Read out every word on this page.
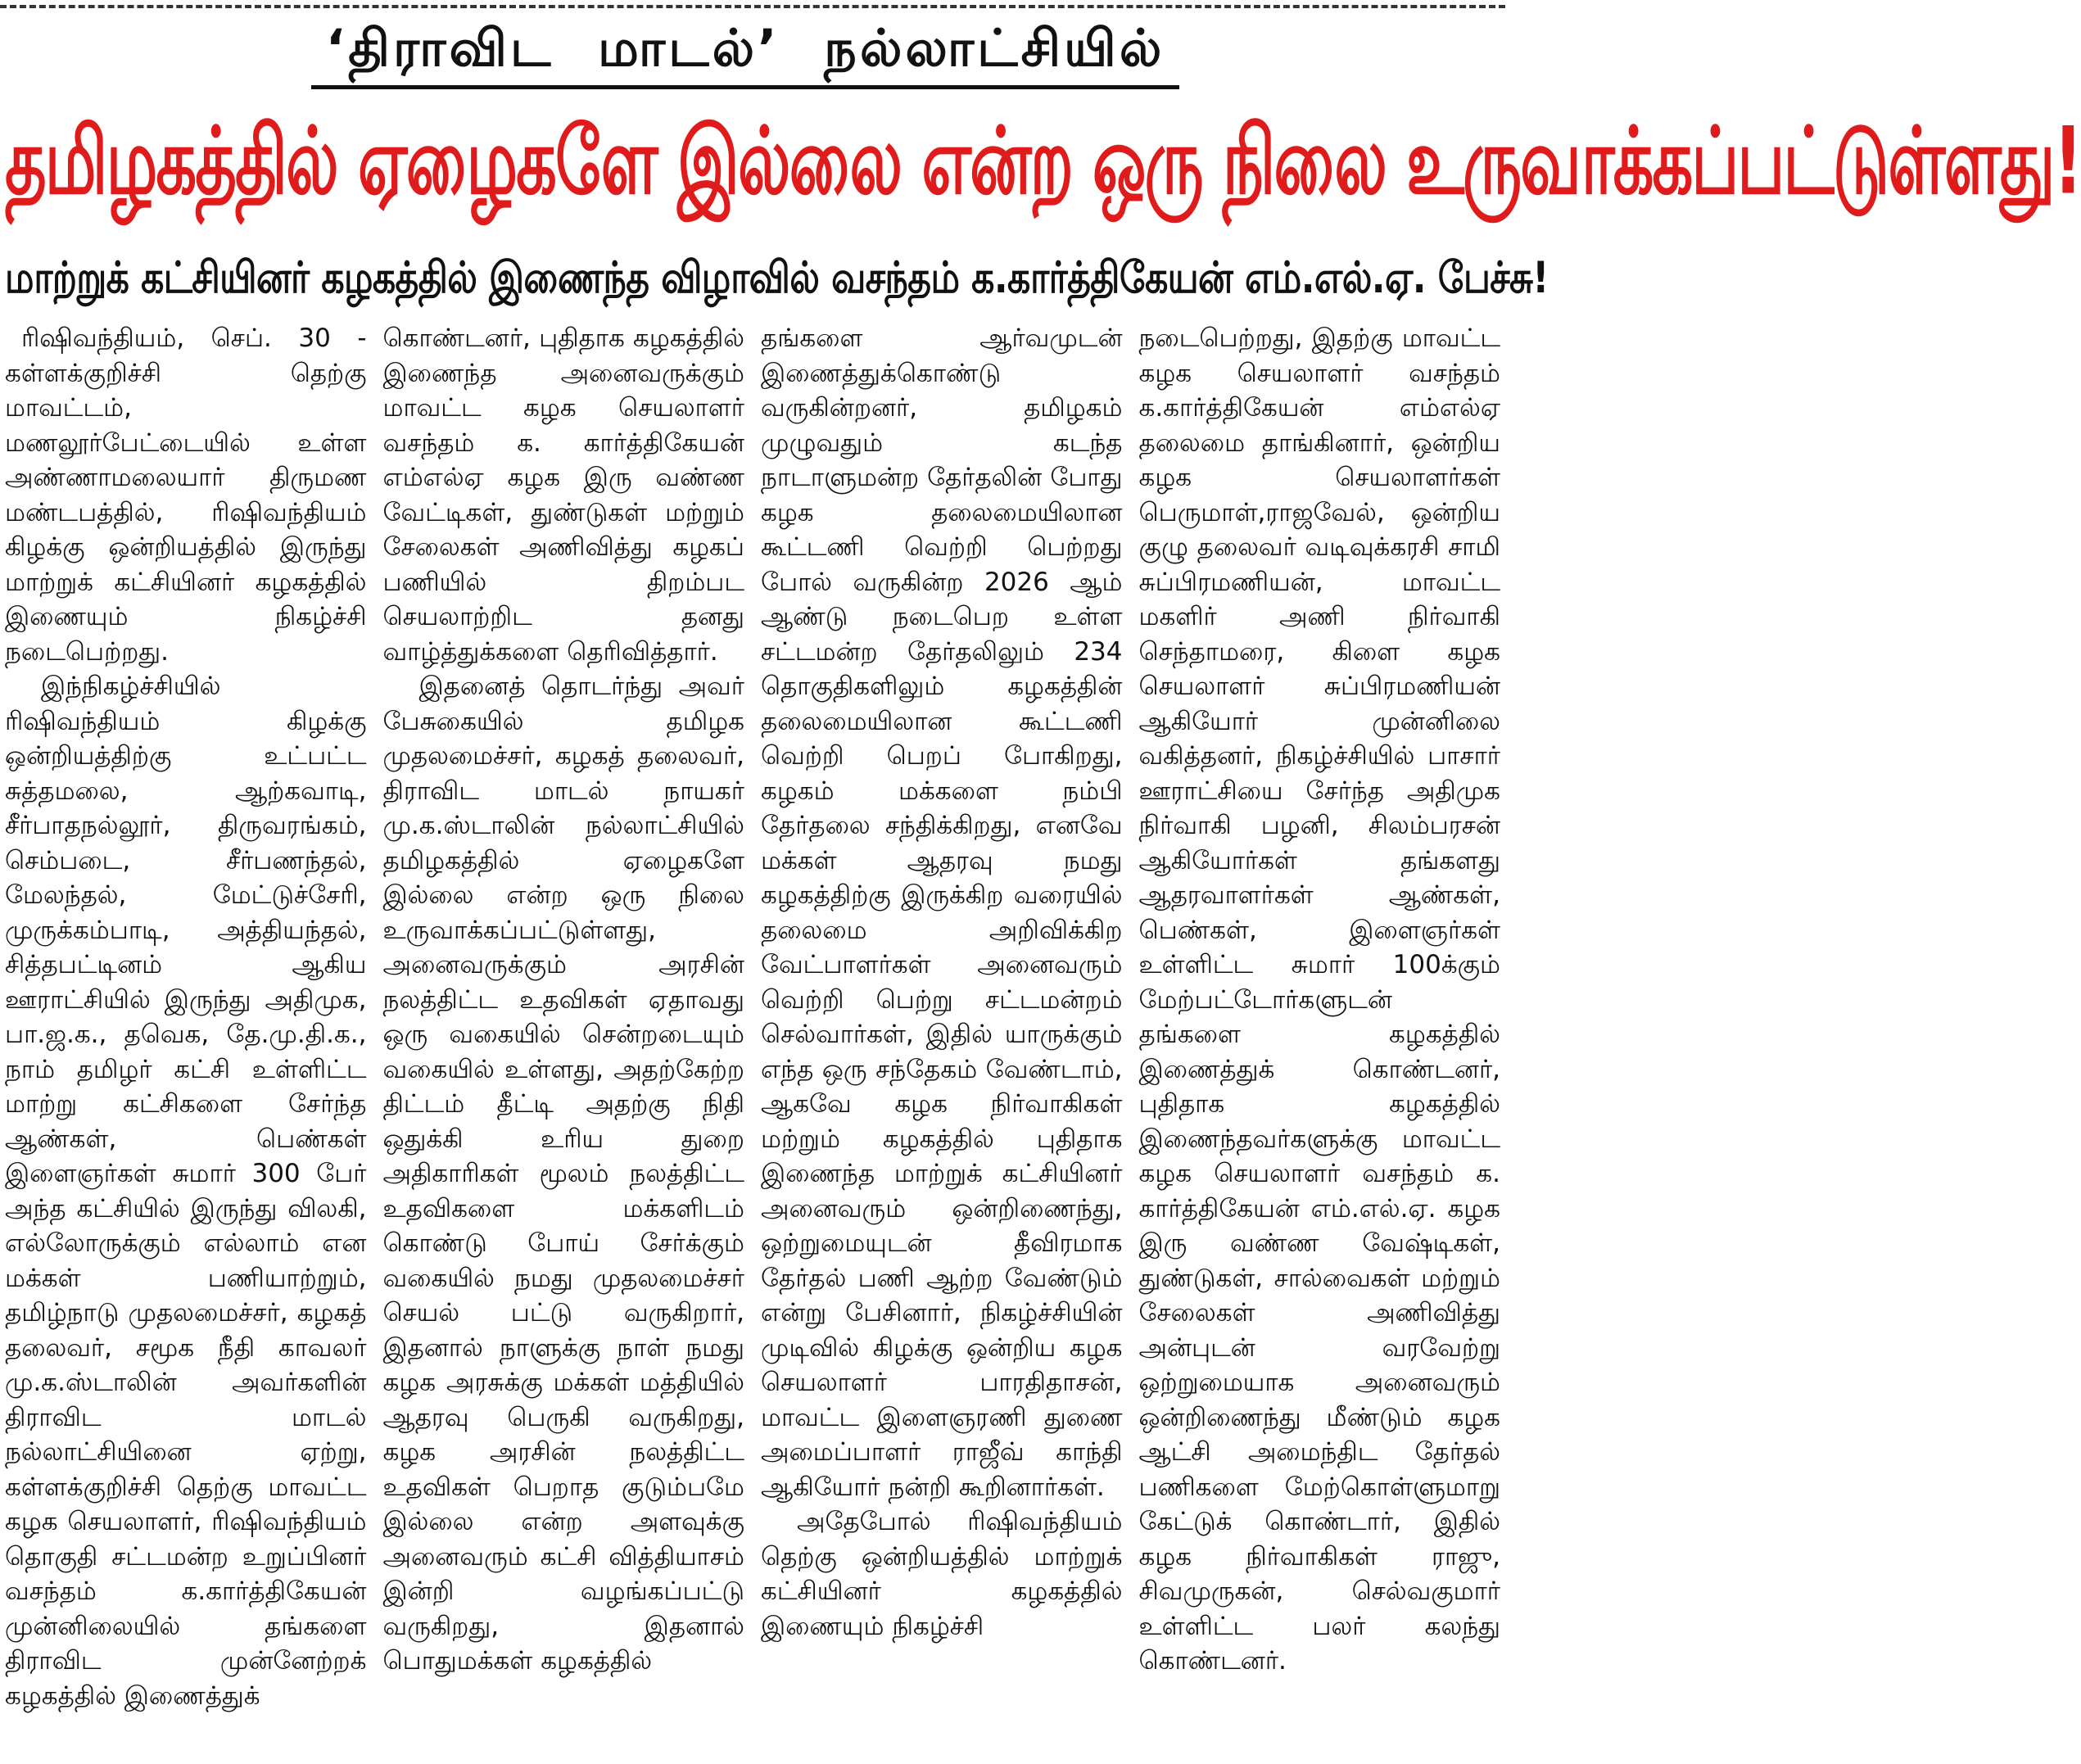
‘திராவிட மாடல்’ நல்லாட்சியில்
தமிழகத்தில் ஏழைகளே இல்லை என்ற ஒரு நிலை உருவாக்கப்பட்டுள்ளது!
மாற்றுக் கட்சியினர் கழகத்தில் இணைந்த விழாவில் வசந்தம் க.கார்த்திகேயன் எம்.எல்.ஏ. பேச்சு!

ரிஷிவந்தியம், செப். 30 - கள்ளக்குறிச்சி தெற்கு மாவட்டம், மணலூர்பேட்டையில் உள்ள அண்ணாமலையார் திருமண மண்டபத்தில், ரிஷிவந்தியம் கிழக்கு ஒன்றியத்தில் இருந்து மாற்றுக் கட்சியினர் கழகத்தில் இணையும் நிகழ்ச்சி நடைபெற்றது.

இந்நிகழ்ச்சியில் ரிஷிவந்தியம் கிழக்கு ஒன்றியத்திற்கு உட்பட்ட சுத்தமலை, ஆற்கவாடி, சீர்பாதநல்லூர், திருவரங்கம், செம்படை, சீர்பணந்தல், மேலந்தல், மேட்டுச்சேரி, முருக்கம்பாடி, அத்தியந்தல், சித்தபட்டினம் ஆகிய ஊராட்சியில் இருந்து அதிமுக, பா.ஜ.க., தவெக, தே.மு.தி.க., நாம் தமிழர் கட்சி உள்ளிட்ட மாற்று கட்சிகளை சேர்ந்த ஆண்கள், பெண்கள் இளைஞர்கள் சுமார் 300 பேர் அந்த கட்சியில் இருந்து விலகி, எல்லோருக்கும் எல்லாம் என மக்கள் பணியாற்றும், தமிழ்நாடு முதலமைச்சர், கழகத் தலைவர், சமூக நீதி காவலர் மு.க.ஸ்டாலின் அவர்களின் திராவிட மாடல் நல்லாட்சியினை ஏற்று, கள்ளக்குறிச்சி தெற்கு மாவட்ட கழக செயலாளர், ரிஷிவந்தியம் தொகுதி சட்டமன்ற உறுப்பினர் வசந்தம் க.கார்த்திகேயன் முன்னிலையில் தங்களை திராவிட முன்னேற்றக் கழகத்தில் இணைத்துக்

கொண்டனர், புதிதாக கழகத்தில் இணைந்த அனைவருக்கும் மாவட்ட கழக செயலாளர் வசந்தம் க. கார்த்திகேயன் எம்எல்ஏ கழக இரு வண்ண வேட்டிகள், துண்டுகள் மற்றும் சேலைகள் அணிவித்து கழகப் பணியில் திறம்பட செயலாற்றிட தனது வாழ்த்துக்களை தெரிவித்தார்.

இதனைத் தொடர்ந்து அவர் பேசுகையில் தமிழக முதலமைச்சர், கழகத் தலைவர், திராவிட மாடல் நாயகர் மு.க.ஸ்டாலின் நல்லாட்சியில் தமிழகத்தில் ஏழைகளே இல்லை என்ற ஒரு நிலை உருவாக்கப்பட்டுள்ளது, அனைவருக்கும் அரசின் நலத்திட்ட உதவிகள் ஏதாவது ஒரு வகையில் சென்றடையும் வகையில் உள்ளது, அதற்கேற்ற திட்டம் தீட்டி அதற்கு நிதி ஒதுக்கி உரிய துறை அதிகாரிகள் மூலம் நலத்திட்ட உதவிகளை மக்களிடம் கொண்டு போய் சேர்க்கும் வகையில் நமது முதலமைச்சர் செயல் பட்டு வருகிறார், இதனால் நாளுக்கு நாள் நமது கழக அரசுக்கு மக்கள் மத்தியில் ஆதரவு பெருகி வருகிறது, கழக அரசின் நலத்திட்ட உதவிகள் பெறாத குடும்பமே இல்லை என்ற அளவுக்கு அனைவரும் கட்சி வித்தியாசம் இன்றி வழங்கப்பட்டு வருகிறது, இதனால் பொதுமக்கள் கழகத்தில்

தங்களை ஆர்வமுடன் இணைத்துக்கொண்டு வருகின்றனர், தமிழகம் முழுவதும் கடந்த நாடாளுமன்ற தேர்தலின் போது கழக தலைமையிலான கூட்டணி வெற்றி பெற்றது போல் வருகின்ற 2026 ஆம் ஆண்டு நடைபெற உள்ள சட்டமன்ற தேர்தலிலும் 234 தொகுதிகளிலும் கழகத்தின் தலைமையிலான கூட்டணி வெற்றி பெறப் போகிறது, கழகம் மக்களை நம்பி தேர்தலை சந்திக்கிறது, எனவே மக்கள் ஆதரவு நமது கழகத்திற்கு இருக்கிற வரையில் தலைமை அறிவிக்கிற வேட்பாளர்கள் அனைவரும் வெற்றி பெற்று சட்டமன்றம் செல்வார்கள், இதில் யாருக்கும் எந்த ஒரு சந்தேகம் வேண்டாம், ஆகவே கழக நிர்வாகிகள் மற்றும் கழகத்தில் புதிதாக இணைந்த மாற்றுக் கட்சியினர் அனைவரும் ஒன்றிணைந்து, ஒற்றுமையுடன் தீவிரமாக தேர்தல் பணி ஆற்ற வேண்டும் என்று பேசினார், நிகழ்ச்சியின் முடிவில் கிழக்கு ஒன்றிய கழக செயலாளர் பாரதிதாசன், மாவட்ட இளைஞரணி துணை அமைப்பாளர் ராஜீவ் காந்தி ஆகியோர் நன்றி கூறினார்கள்.

அதேபோல் ரிஷிவந்தியம் தெற்கு ஒன்றியத்தில் மாற்றுக் கட்சியினர் கழகத்தில் இணையும் நிகழ்ச்சி

நடைபெற்றது, இதற்கு மாவட்ட கழக செயலாளர் வசந்தம் க.கார்த்திகேயன் எம்எல்ஏ தலைமை தாங்கினார், ஒன்றிய கழக செயலாளர்கள் பெருமாள்,ராஜவேல், ஒன்றிய குழு தலைவர் வடிவுக்கரசி சாமி சுப்பிரமணியன், மாவட்ட மகளிர் அணி நிர்வாகி செந்தாமரை, கிளை கழக செயலாளர் சுப்பிரமணியன் ஆகியோர் முன்னிலை வகித்தனர், நிகழ்ச்சியில் பாசார் ஊராட்சியை சேர்ந்த அதிமுக நிர்வாகி பழனி, சிலம்பரசன் ஆகியோர்கள் தங்களது ஆதரவாளர்கள் ஆண்கள், பெண்கள், இளைஞர்கள் உள்ளிட்ட சுமார் 100க்கும் மேற்பட்டோர்களுடன் தங்களை கழகத்தில் இணைத்துக் கொண்டனர், புதிதாக கழகத்தில் இணைந்தவர்களுக்கு மாவட்ட கழக செயலாளர் வசந்தம் க. கார்த்திகேயன் எம்.எல்.ஏ. கழக இரு வண்ண வேஷ்டிகள், துண்டுகள், சால்வைகள் மற்றும் சேலைகள் அணிவித்து அன்புடன் வரவேற்று ஒற்றுமையாக அனைவரும் ஒன்றிணைந்து மீண்டும் கழக ஆட்சி அமைந்திட தேர்தல் பணிகளை மேற்கொள்ளுமாறு கேட்டுக் கொண்டார், இதில் கழக நிர்வாகிகள் ராஜு, சிவமுருகன், செல்வகுமார் உள்ளிட்ட பலர் கலந்து கொண்டனர்.
